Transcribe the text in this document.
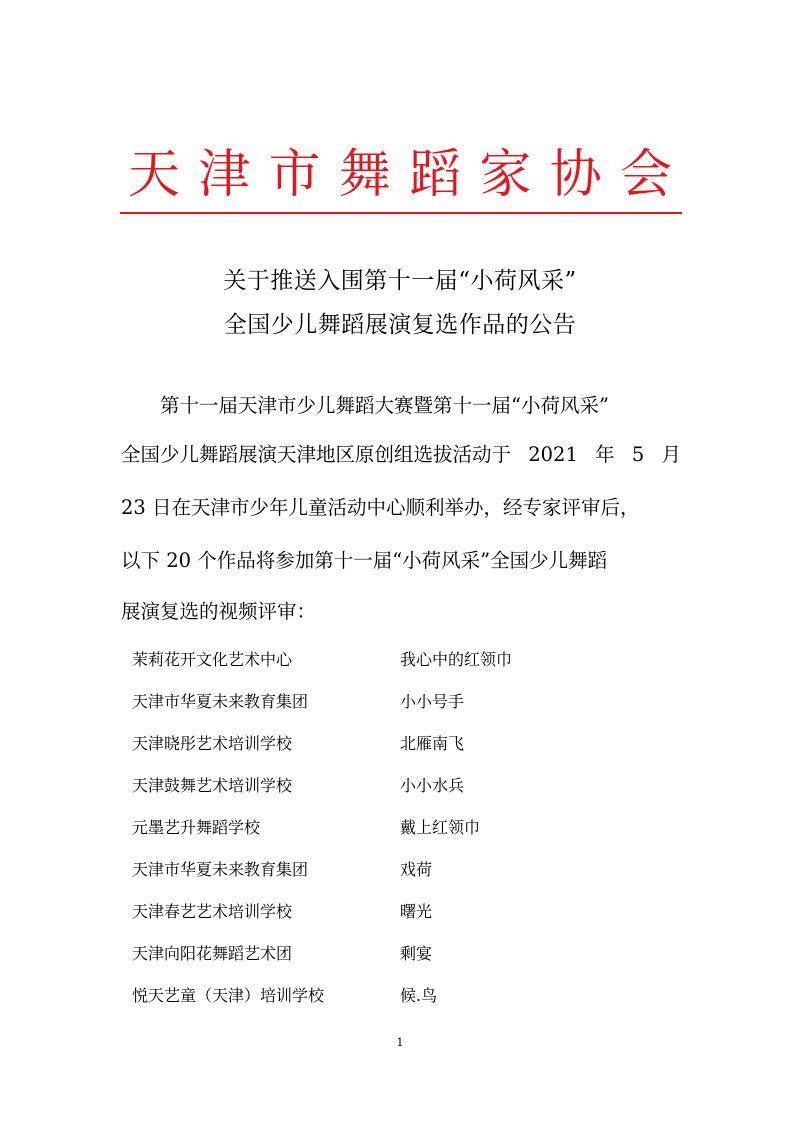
天 津 市 舞 蹈 家 协 会
关于推送入围第十一届“小荷风采”
全国少儿舞蹈展演复选作品的公告
第十一届天津市少儿舞蹈大赛暨第十一届“小荷风采”
全国少儿舞蹈展演天津地区原创组选拔活动于 2021 年 5 月
23 日在天津市少年儿童活动中心顺利举办，经专家评审后，
以下 20 个作品将参加第十一届“小荷风采”全国少儿舞蹈
展演复选的视频评审：
茉莉花开文化艺术中心	我心中的红领巾
天津市华夏未来教育集团	小小号手
天津晓彤艺术培训学校	北雁南飞
天津鼓舞艺术培训学校	小小水兵
元墨艺升舞蹈学校	戴上红领巾
天津市华夏未来教育集团	戏荷
天津春艺艺术培训学校	曙光
天津向阳花舞蹈艺术团	剩宴
悦天艺童（天津）培训学校	候.鸟
1
